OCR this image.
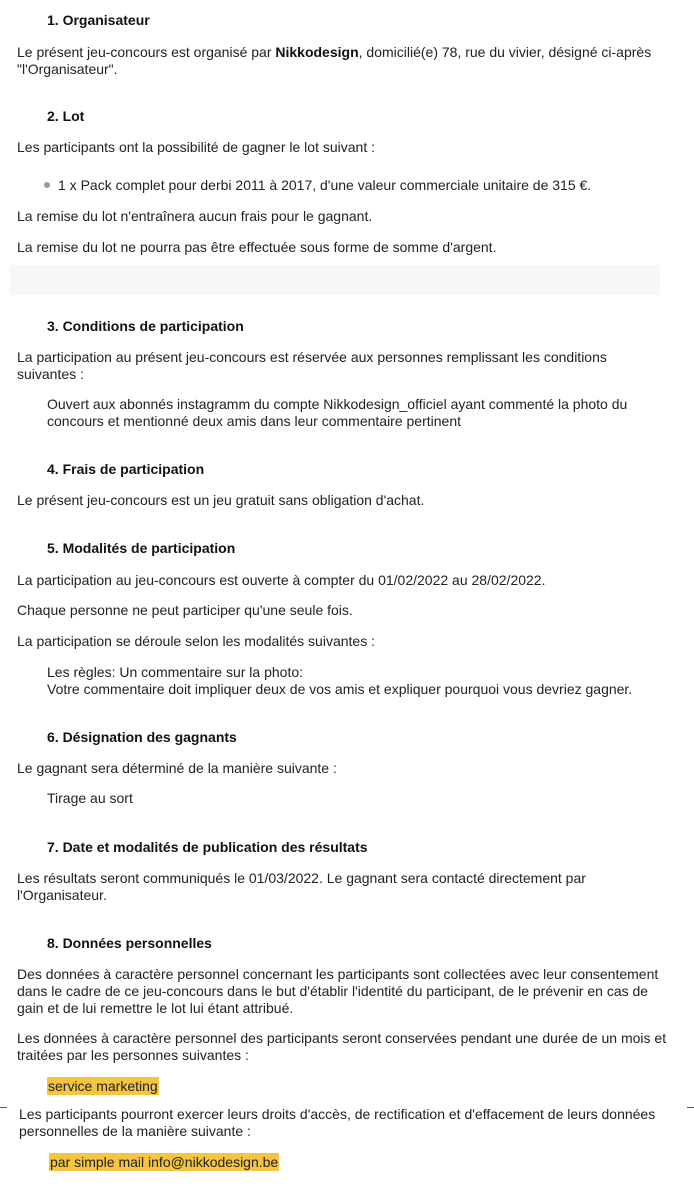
1. Organisateur
Le présent jeu-concours est organisé par Nikkodesign, domicilié(e) 78, rue du vivier, désigné ci-après "l'Organisateur".
2. Lot
Les participants ont la possibilité de gagner le lot suivant :
1 x Pack complet pour derbi 2011 à 2017, d'une valeur commerciale unitaire de 315 €.
La remise du lot n'entraînera aucun frais pour le gagnant.
La remise du lot ne pourra pas être effectuée sous forme de somme d'argent.
3. Conditions de participation
La participation au présent jeu-concours est réservée aux personnes remplissant les conditions suivantes :
Ouvert aux abonnés instagramm du compte Nikkodesign_officiel ayant commenté la photo du concours et mentionné deux amis dans leur commentaire pertinent
4. Frais de participation
Le présent jeu-concours est un jeu gratuit sans obligation d'achat.
5. Modalités de participation
La participation au jeu-concours est ouverte à compter du 01/02/2022 au 28/02/2022.
Chaque personne ne peut participer qu'une seule fois.
La participation se déroule selon les modalités suivantes :
Les règles: Un commentaire sur la photo:
Votre commentaire doit impliquer deux de vos amis et expliquer pourquoi vous devriez gagner.
6. Désignation des gagnants
Le gagnant sera déterminé de la manière suivante :
Tirage au sort
7. Date et modalités de publication des résultats
Les résultats seront communiqués le 01/03/2022. Le gagnant sera contacté directement par l'Organisateur.
8. Données personnelles
Des données à caractère personnel concernant les participants sont collectées avec leur consentement dans le cadre de ce jeu-concours dans le but d'établir l'identité du participant, de le prévenir en cas de gain et de lui remettre le lot lui étant attribué.
Les données à caractère personnel des participants seront conservées pendant une durée de un mois et traitées par les personnes suivantes :
service marketing
Les participants pourront exercer leurs droits d'accès, de rectification et d'effacement de leurs données personnelles de la manière suivante :
par simple mail info@nikkodesign.be
